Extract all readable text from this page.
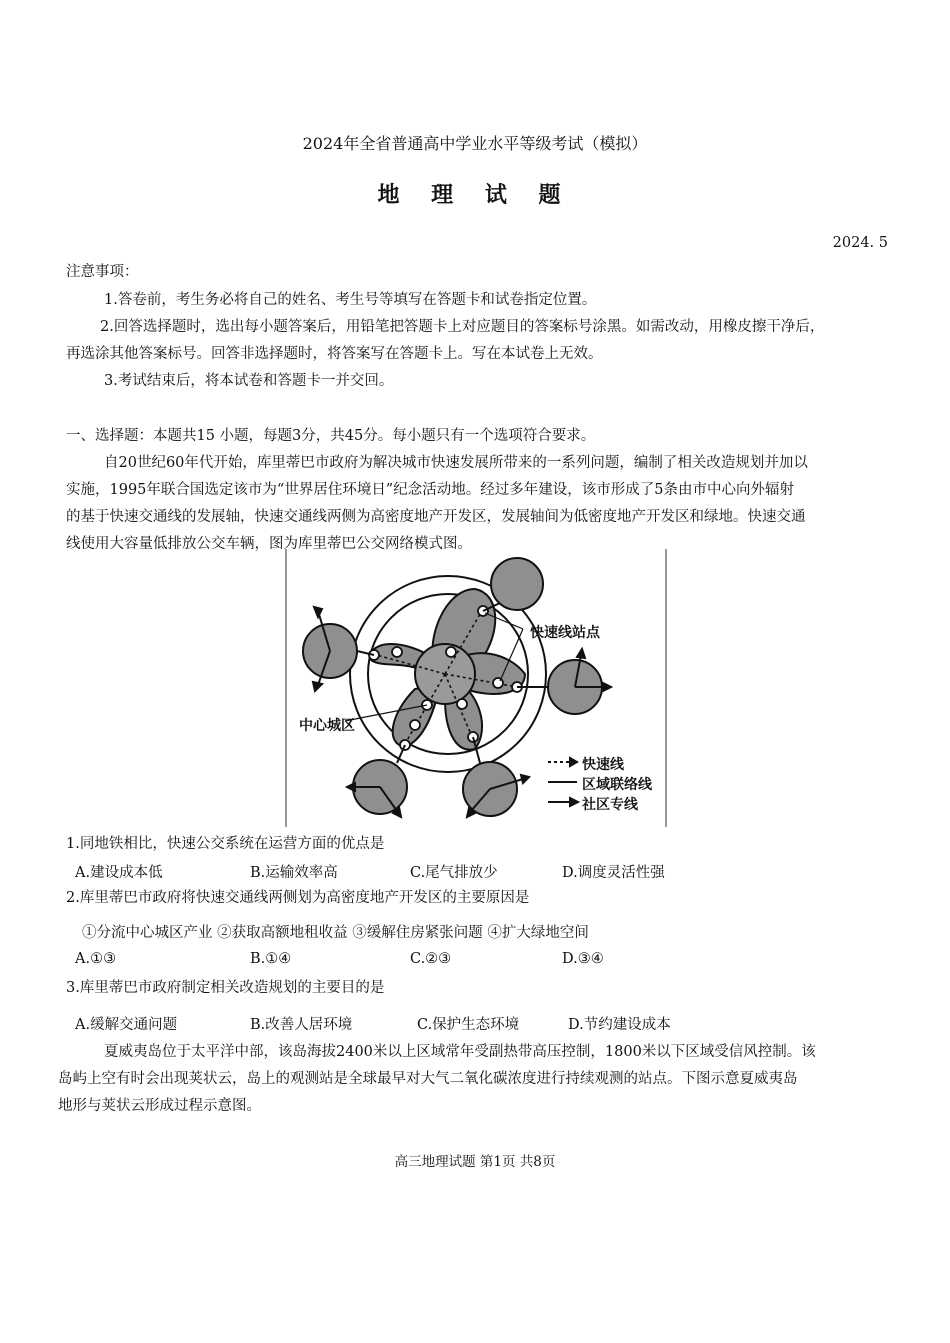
2024年全省普通高中学业水平等级考试（模拟）
地 理 试 题
2024. 5
注意事项：
1.答卷前，考生务必将自己的姓名、考生号等填写在答题卡和试卷指定位置。
2.回答选择题时，选出每小题答案后，用铅笔把答题卡上对应题目的答案标号涂黑。如需改动，用橡皮擦干净后，
再选涂其他答案标号。回答非选择题时，将答案写在答题卡上。写在本试卷上无效。
3.考试结束后，将本试卷和答题卡一并交回。
一、选择题：本题共15 小题，每题3分，共45分。每小题只有一个选项符合要求。
自20世纪60年代开始，库里蒂巴市政府为解决城市快速发展所带来的一系列问题，编制了相关改造规划并加以
实施，1995年联合国选定该市为“世界居住环境日”纪念活动地。经过多年建设，该市形成了5条由市中心向外辐射
的基于快速交通线的发展轴，快速交通线两侧为高密度地产开发区，发展轴间为低密度地产开发区和绿地。快速交通
线使用大容量低排放公交车辆，图为库里蒂巴公交网络模式图。
快速线站点
中心城区
快速线
区域联络线
社区专线
1.同地铁相比，快速公交系统在运营方面的优点是
A.建设成本低	B.运输效率高	C.尾气排放少	D.调度灵活性强
2.库里蒂巴市政府将快速交通线两侧划为高密度地产开发区的主要原因是
①分流中心城区产业 ②获取高额地租收益 ③缓解住房紧张问题 ④扩大绿地空间
A.①③	B.①④	C.②③	D.③④
3.库里蒂巴市政府制定相关改造规划的主要目的是
A.缓解交通问题	B.改善人居环境	C.保护生态环境	D.节约建设成本
夏威夷岛位于太平洋中部，该岛海拔2400米以上区域常年受副热带高压控制，1800米以下区域受信风控制。该
岛屿上空有时会出现荚状云，岛上的观测站是全球最早对大气二氧化碳浓度进行持续观测的站点。下图示意夏威夷岛
地形与荚状云形成过程示意图。
高三地理试题 第1页 共8页
